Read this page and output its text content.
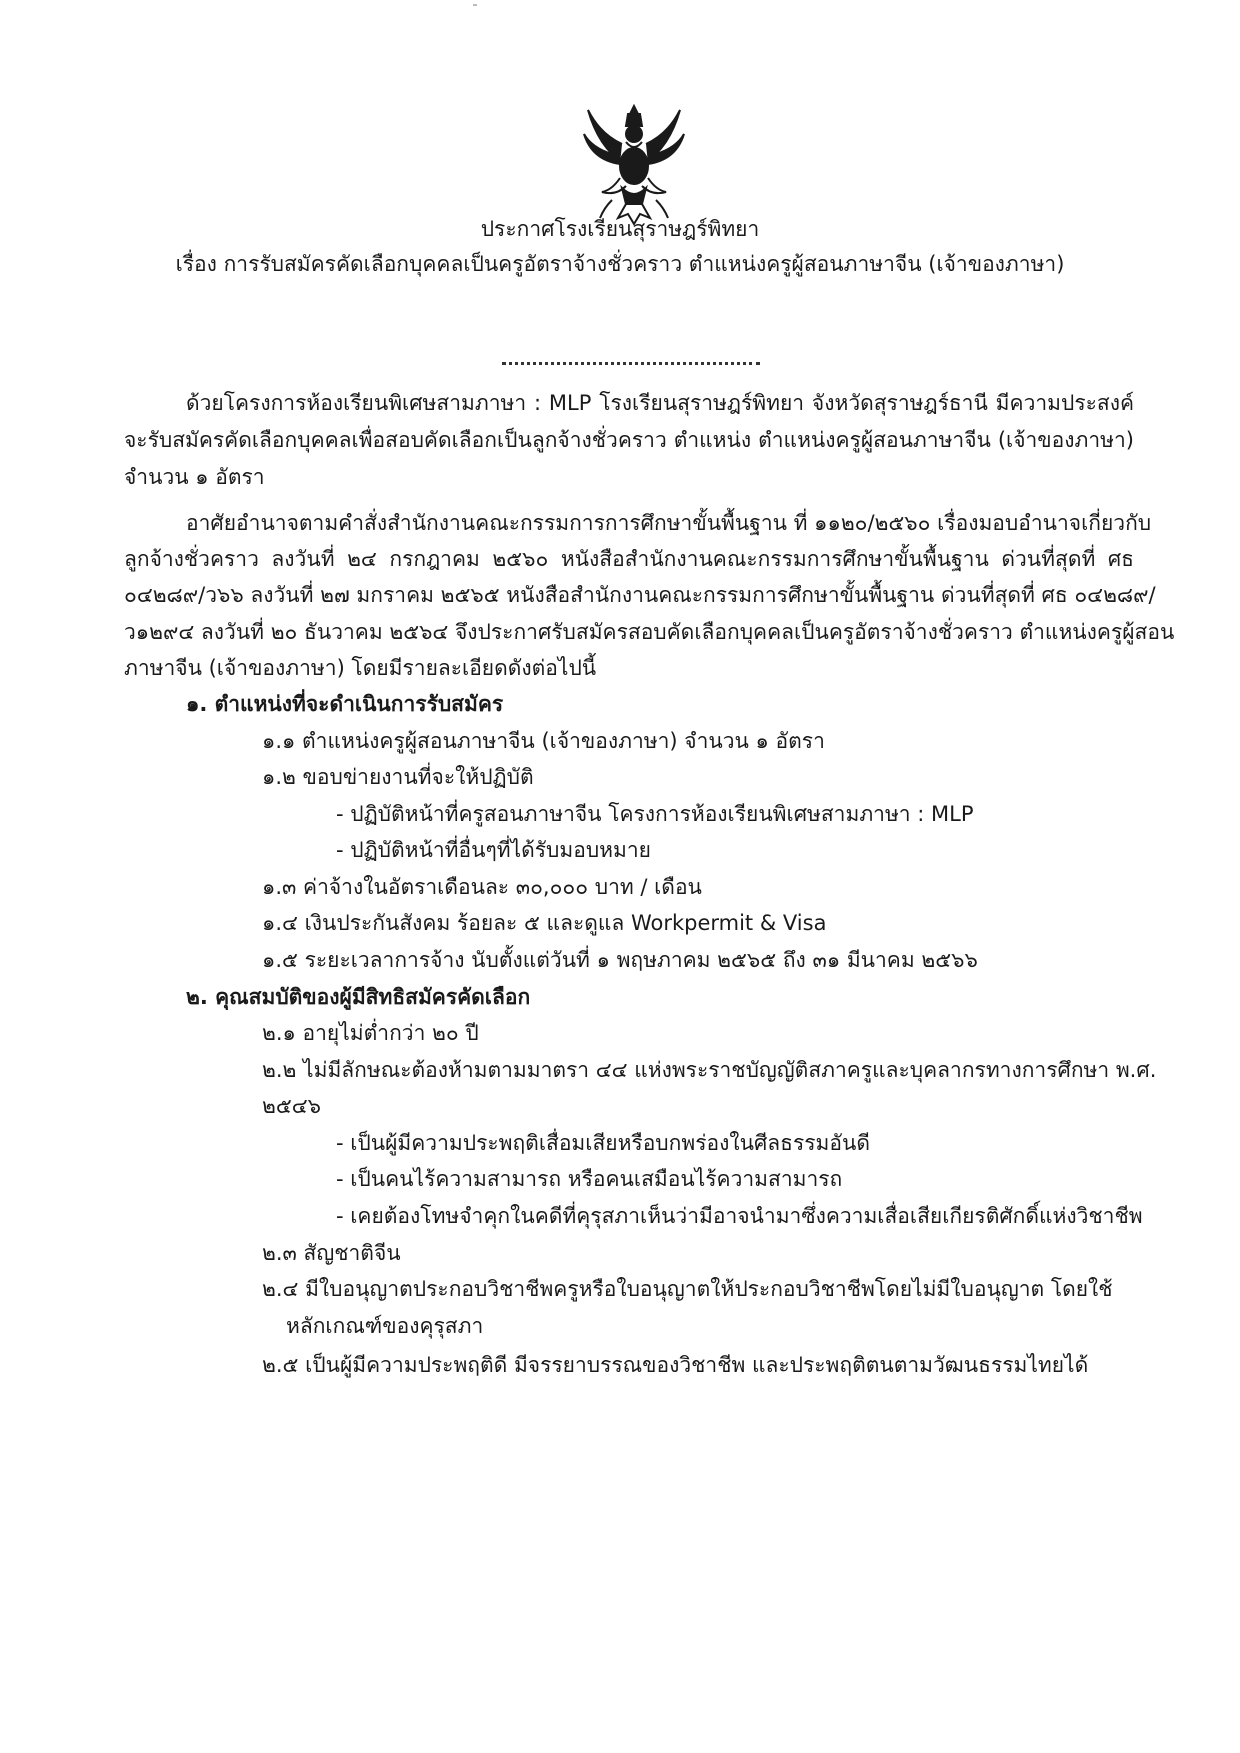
ประกาศโรงเรียนสุราษฎร์พิทยา
เรื่อง การรับสมัครคัดเลือกบุคคลเป็นครูอัตราจ้างชั่วคราว ตำแหน่งครูผู้สอนภาษาจีน (เจ้าของภาษา)
ด้วยโครงการห้องเรียนพิเศษสามภาษา : MLP โรงเรียนสุราษฎร์พิทยา จังหวัดสุราษฎร์ธานี มีความประสงค์
จะรับสมัครคัดเลือกบุคคลเพื่อสอบคัดเลือกเป็นลูกจ้างชั่วคราว ตำแหน่ง ตำแหน่งครูผู้สอนภาษาจีน (เจ้าของภาษา)
จำนวน ๑ อัตรา
อาศัยอำนาจตามคำสั่งสำนักงานคณะกรรมการการศึกษาขั้นพื้นฐาน ที่ ๑๑๒๐/๒๕๖๐ เรื่องมอบอำนาจเกี่ยวกับ
ลูกจ้างชั่วคราว ลงวันที่ ๒๔ กรกฎาคม ๒๕๖๐ หนังสือสำนักงานคณะกรรมการศึกษาขั้นพื้นฐาน ด่วนที่สุดที่ ศธ
๐๔๒๘๙/ว๖๖ ลงวันที่ ๒๗ มกราคม ๒๕๖๕ หนังสือสำนักงานคณะกรรมการศึกษาขั้นพื้นฐาน ด่วนที่สุดที่ ศธ ๐๔๒๘๙/
ว๑๒๙๔ ลงวันที่ ๒๐ ธันวาคม ๒๕๖๔ จึงประกาศรับสมัครสอบคัดเลือกบุคคลเป็นครูอัตราจ้างชั่วคราว ตำแหน่งครูผู้สอน
ภาษาจีน (เจ้าของภาษา) โดยมีรายละเอียดดังต่อไปนี้
๑. ตำแหน่งที่จะดำเนินการรับสมัคร
๑.๑ ตำแหน่งครูผู้สอนภาษาจีน (เจ้าของภาษา) จำนวน ๑ อัตรา
๑.๒ ขอบข่ายงานที่จะให้ปฏิบัติ
- ปฏิบัติหน้าที่ครูสอนภาษาจีน โครงการห้องเรียนพิเศษสามภาษา : MLP
- ปฏิบัติหน้าที่อื่นๆที่ได้รับมอบหมาย
๑.๓ ค่าจ้างในอัตราเดือนละ ๓๐,๐๐๐ บาท / เดือน
๑.๔ เงินประกันสังคม ร้อยละ ๕ และดูแล Workpermit & Visa
๑.๕ ระยะเวลาการจ้าง นับตั้งแต่วันที่ ๑ พฤษภาคม ๒๕๖๕ ถึง ๓๑ มีนาคม ๒๕๖๖
๒. คุณสมบัติของผู้มีสิทธิสมัครคัดเลือก
๒.๑ อายุไม่ต่ำกว่า ๒๐ ปี
๒.๒ ไม่มีลักษณะต้องห้ามตามมาตรา ๔๔ แห่งพระราชบัญญัติสภาครูและบุคลากรทางการศึกษา พ.ศ.
๒๕๔๖
- เป็นผู้มีความประพฤติเสื่อมเสียหรือบกพร่องในศีลธรรมอันดี
- เป็นคนไร้ความสามารถ หรือคนเสมือนไร้ความสามารถ
- เคยต้องโทษจำคุกในคดีที่คุรุสภาเห็นว่ามีอาจนำมาซึ่งความเสื่อเสียเกียรติศักดิ์แห่งวิชาชีพ
๒.๓ สัญชาติจีน
๒.๔ มีใบอนุญาตประกอบวิชาชีพครูหรือใบอนุญาตให้ประกอบวิชาชีพโดยไม่มีใบอนุญาต โดยใช้
หลักเกณฑ์ของคุรุสภา
๒.๕ เป็นผู้มีความประพฤติดี มีจรรยาบรรณของวิชาชีพ และประพฤติตนตามวัฒนธรรมไทยได้
